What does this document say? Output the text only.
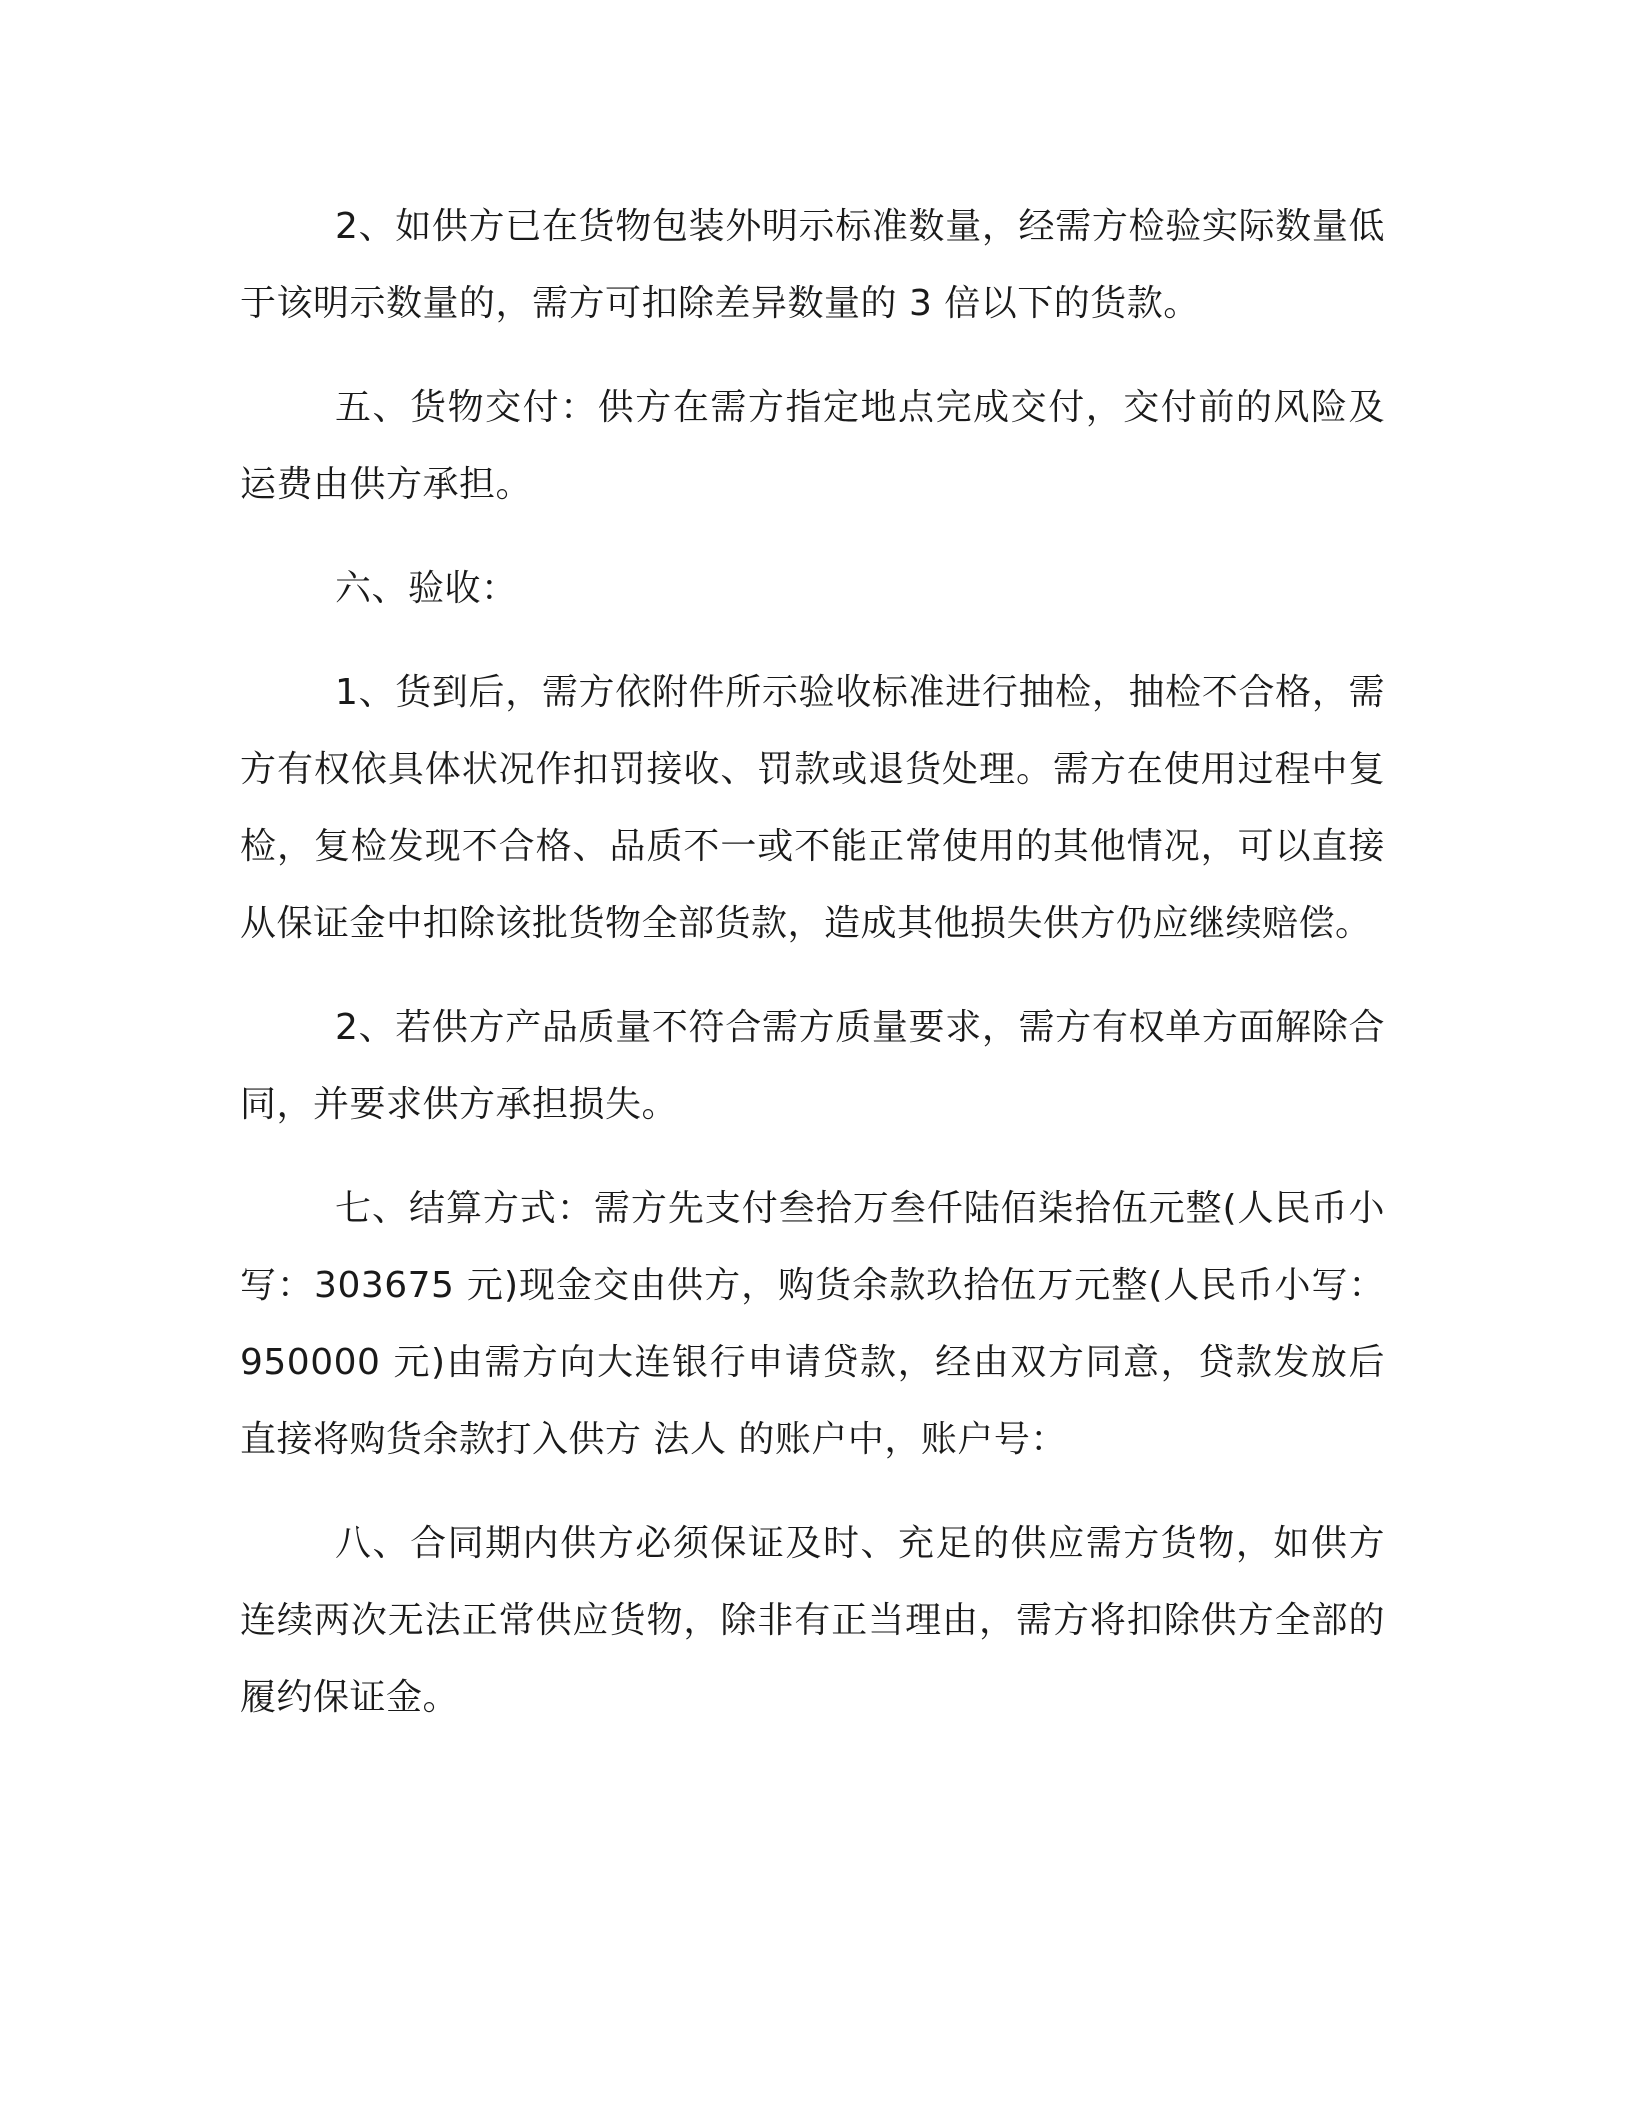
2、如供方已在货物包装外明示标准数量，经需方检验实际数量低于该明示数量的，需方可扣除差异数量的 3 倍以下的货款。

五、货物交付：供方在需方指定地点完成交付，交付前的风险及运费由供方承担。

六、验收：

1、货到后，需方依附件所示验收标准进行抽检，抽检不合格，需方有权依具体状况作扣罚接收、罚款或退货处理。需方在使用过程中复检，复检发现不合格、品质不一或不能正常使用的其他情况，可以直接从保证金中扣除该批货物全部货款，造成其他损失供方仍应继续赔偿。

2、若供方产品质量不符合需方质量要求，需方有权单方面解除合同，并要求供方承担损失。

七、结算方式：需方先支付叁拾万叁仟陆佰柒拾伍元整(人民币小写：303675 元)现金交由供方，购货余款玖拾伍万元整(人民币小写：950000 元)由需方向大连银行申请贷款，经由双方同意，贷款发放后直接将购货余款打入供方 法人 的账户中，账户号：

八、合同期内供方必须保证及时、充足的供应需方货物，如供方连续两次无法正常供应货物，除非有正当理由，需方将扣除供方全部的履约保证金。
